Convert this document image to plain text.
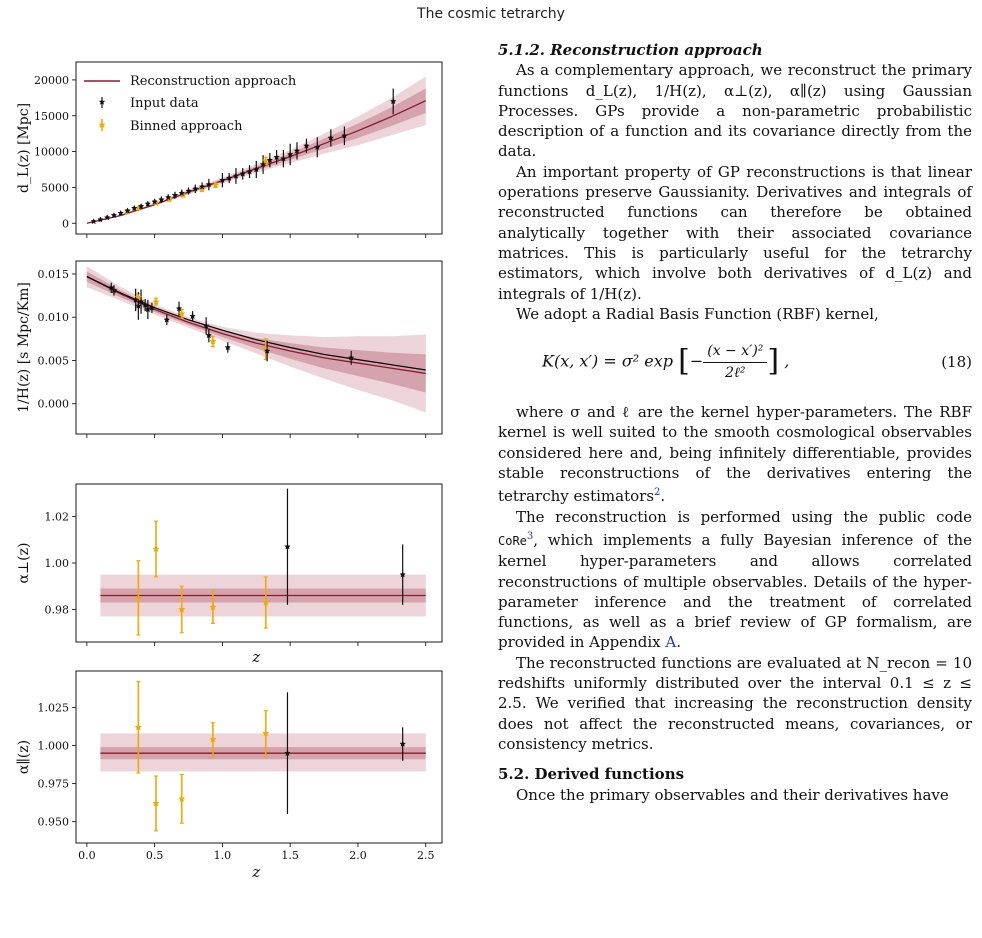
The cosmic tetrarchy
0
5000
10000
15000
20000
d_L(z) [Mpc]
Reconstruction approach
Input data
Binned approach
0.000
0.005
0.010
0.015
1/H(z) [s Mpc/Km]
0.98
1.00
1.02
α⊥(z)
z
0.0	0.5	1.0	1.5	2.0	2.5
0.950
0.975
1.000
1.025
α∥(z)
z

5.1.2. Reconstruction approach

As a complementary approach, we reconstruct the primary functions d_L(z), 1/H(z), α⊥(z), α∥(z) using Gaussian Processes. GPs provide a non-parametric probabilistic description of a function and its covariance directly from the data.

An important property of GP reconstructions is that linear operations preserve Gaussianity. Derivatives and integrals of reconstructed functions can therefore be obtained analytically together with their associated covariance matrices. This is particularly useful for the tetrarchy estimators, which involve both derivatives of d_L(z) and integrals of 1/H(z).

We adopt a Radial Basis Function (RBF) kernel,

K(x, x′) = σ² exp [− $\frac{\text{(x − x′)²}}{\text{2ℓ²}}$ ] ,	(18)

where σ and ℓ are the kernel hyper-parameters. The RBF kernel is well suited to the smooth cosmological observables considered here and, being infinitely differentiable, provides stable reconstructions of the derivatives entering the tetrarchy estimators$^2$.

The reconstruction is performed using the public code CoRe$^3$, which implements a fully Bayesian inference of the kernel hyper-parameters and allows correlated reconstructions of multiple observables. Details of the hyper-parameter inference and the treatment of correlated functions, as well as a brief review of GP formalism, are provided in Appendix A.

The reconstructed functions are evaluated at N_recon = 10 redshifts uniformly distributed over the interval 0.1 ≤ z ≤ 2.5. We verified that increasing the reconstruction density does not affect the reconstructed means, covariances, or consistency metrics.

5.2. Derived functions

Once the primary observables and their derivatives have
